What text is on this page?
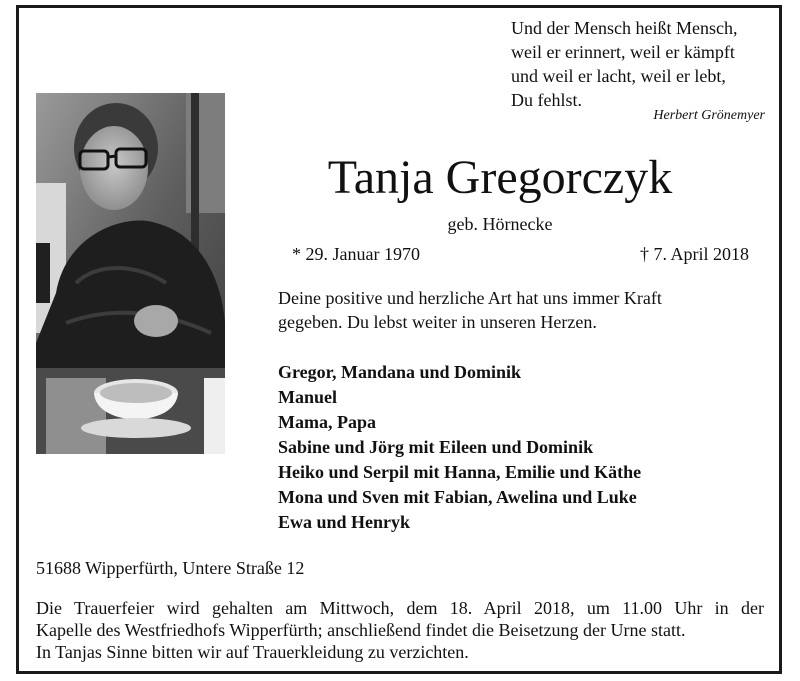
Und der Mensch heißt Mensch,
weil er erinnert, weil er kämpft
und weil er lacht, weil er lebt,
Du fehlst.
Herbert Grönemyer
Tanja Gregorczyk
geb. Hörnecke
* 29. Januar 1970	† 7. April 2018
Deine positive und herzliche Art hat uns immer Kraft
gegeben. Du lebst weiter in unseren Herzen.
Gregor, Mandana und Dominik
Manuel
Mama, Papa
Sabine und Jörg mit Eileen und Dominik
Heiko und Serpil mit Hanna, Emilie und Käthe
Mona und Sven mit Fabian, Awelina und Luke
Ewa und Henryk
51688 Wipperfürth, Untere Straße 12
Die Trauerfeier wird gehalten am Mittwoch, dem 18. April 2018, um 11.00 Uhr in der
Kapelle des Westfriedhofs Wipperfürth; anschließend findet die Beisetzung der Urne statt.
In Tanjas Sinne bitten wir auf Trauerkleidung zu verzichten.
